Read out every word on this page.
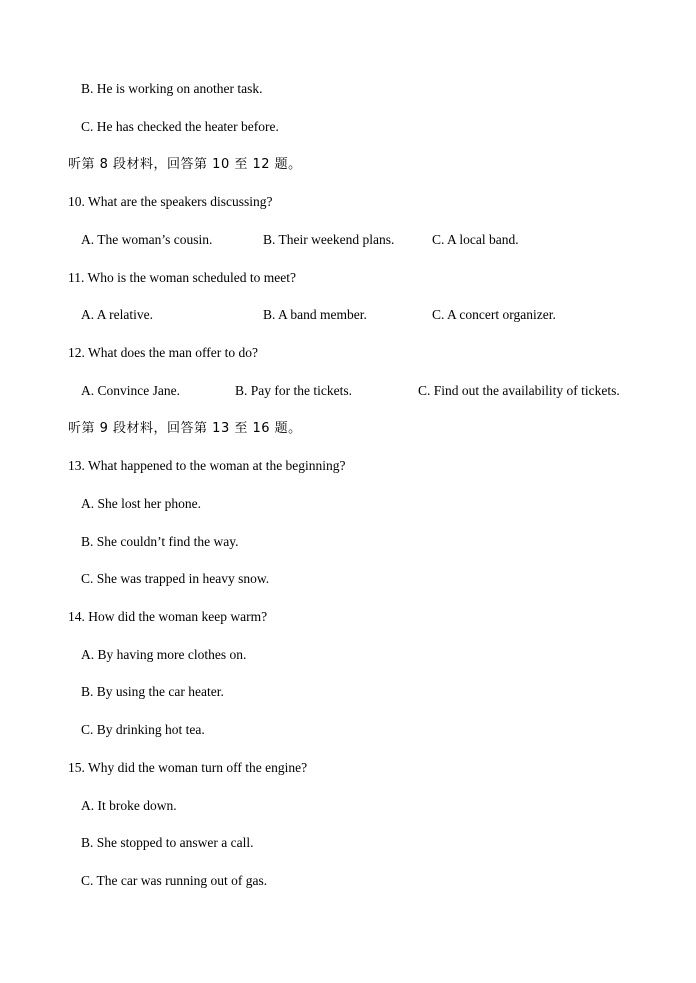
B. He is working on another task.
C. He has checked the heater before.
听第 8 段材料，回答第 10 至 12 题。
10. What are the speakers discussing?
A. The woman’s cousin.	B. Their weekend plans.	C. A local band.
11. Who is the woman scheduled to meet?
A. A relative.	B. A band member.	C. A concert organizer.
12. What does the man offer to do?
A. Convince Jane.	B. Pay for the tickets.	C. Find out the availability of tickets.
听第 9 段材料，回答第 13 至 16 题。
13. What happened to the woman at the beginning?
A. She lost her phone.
B. She couldn’t find the way.
C. She was trapped in heavy snow.
14. How did the woman keep warm?
A. By having more clothes on.
B. By using the car heater.
C. By drinking hot tea.
15. Why did the woman turn off the engine?
A. It broke down.
B. She stopped to answer a call.
C. The car was running out of gas.
